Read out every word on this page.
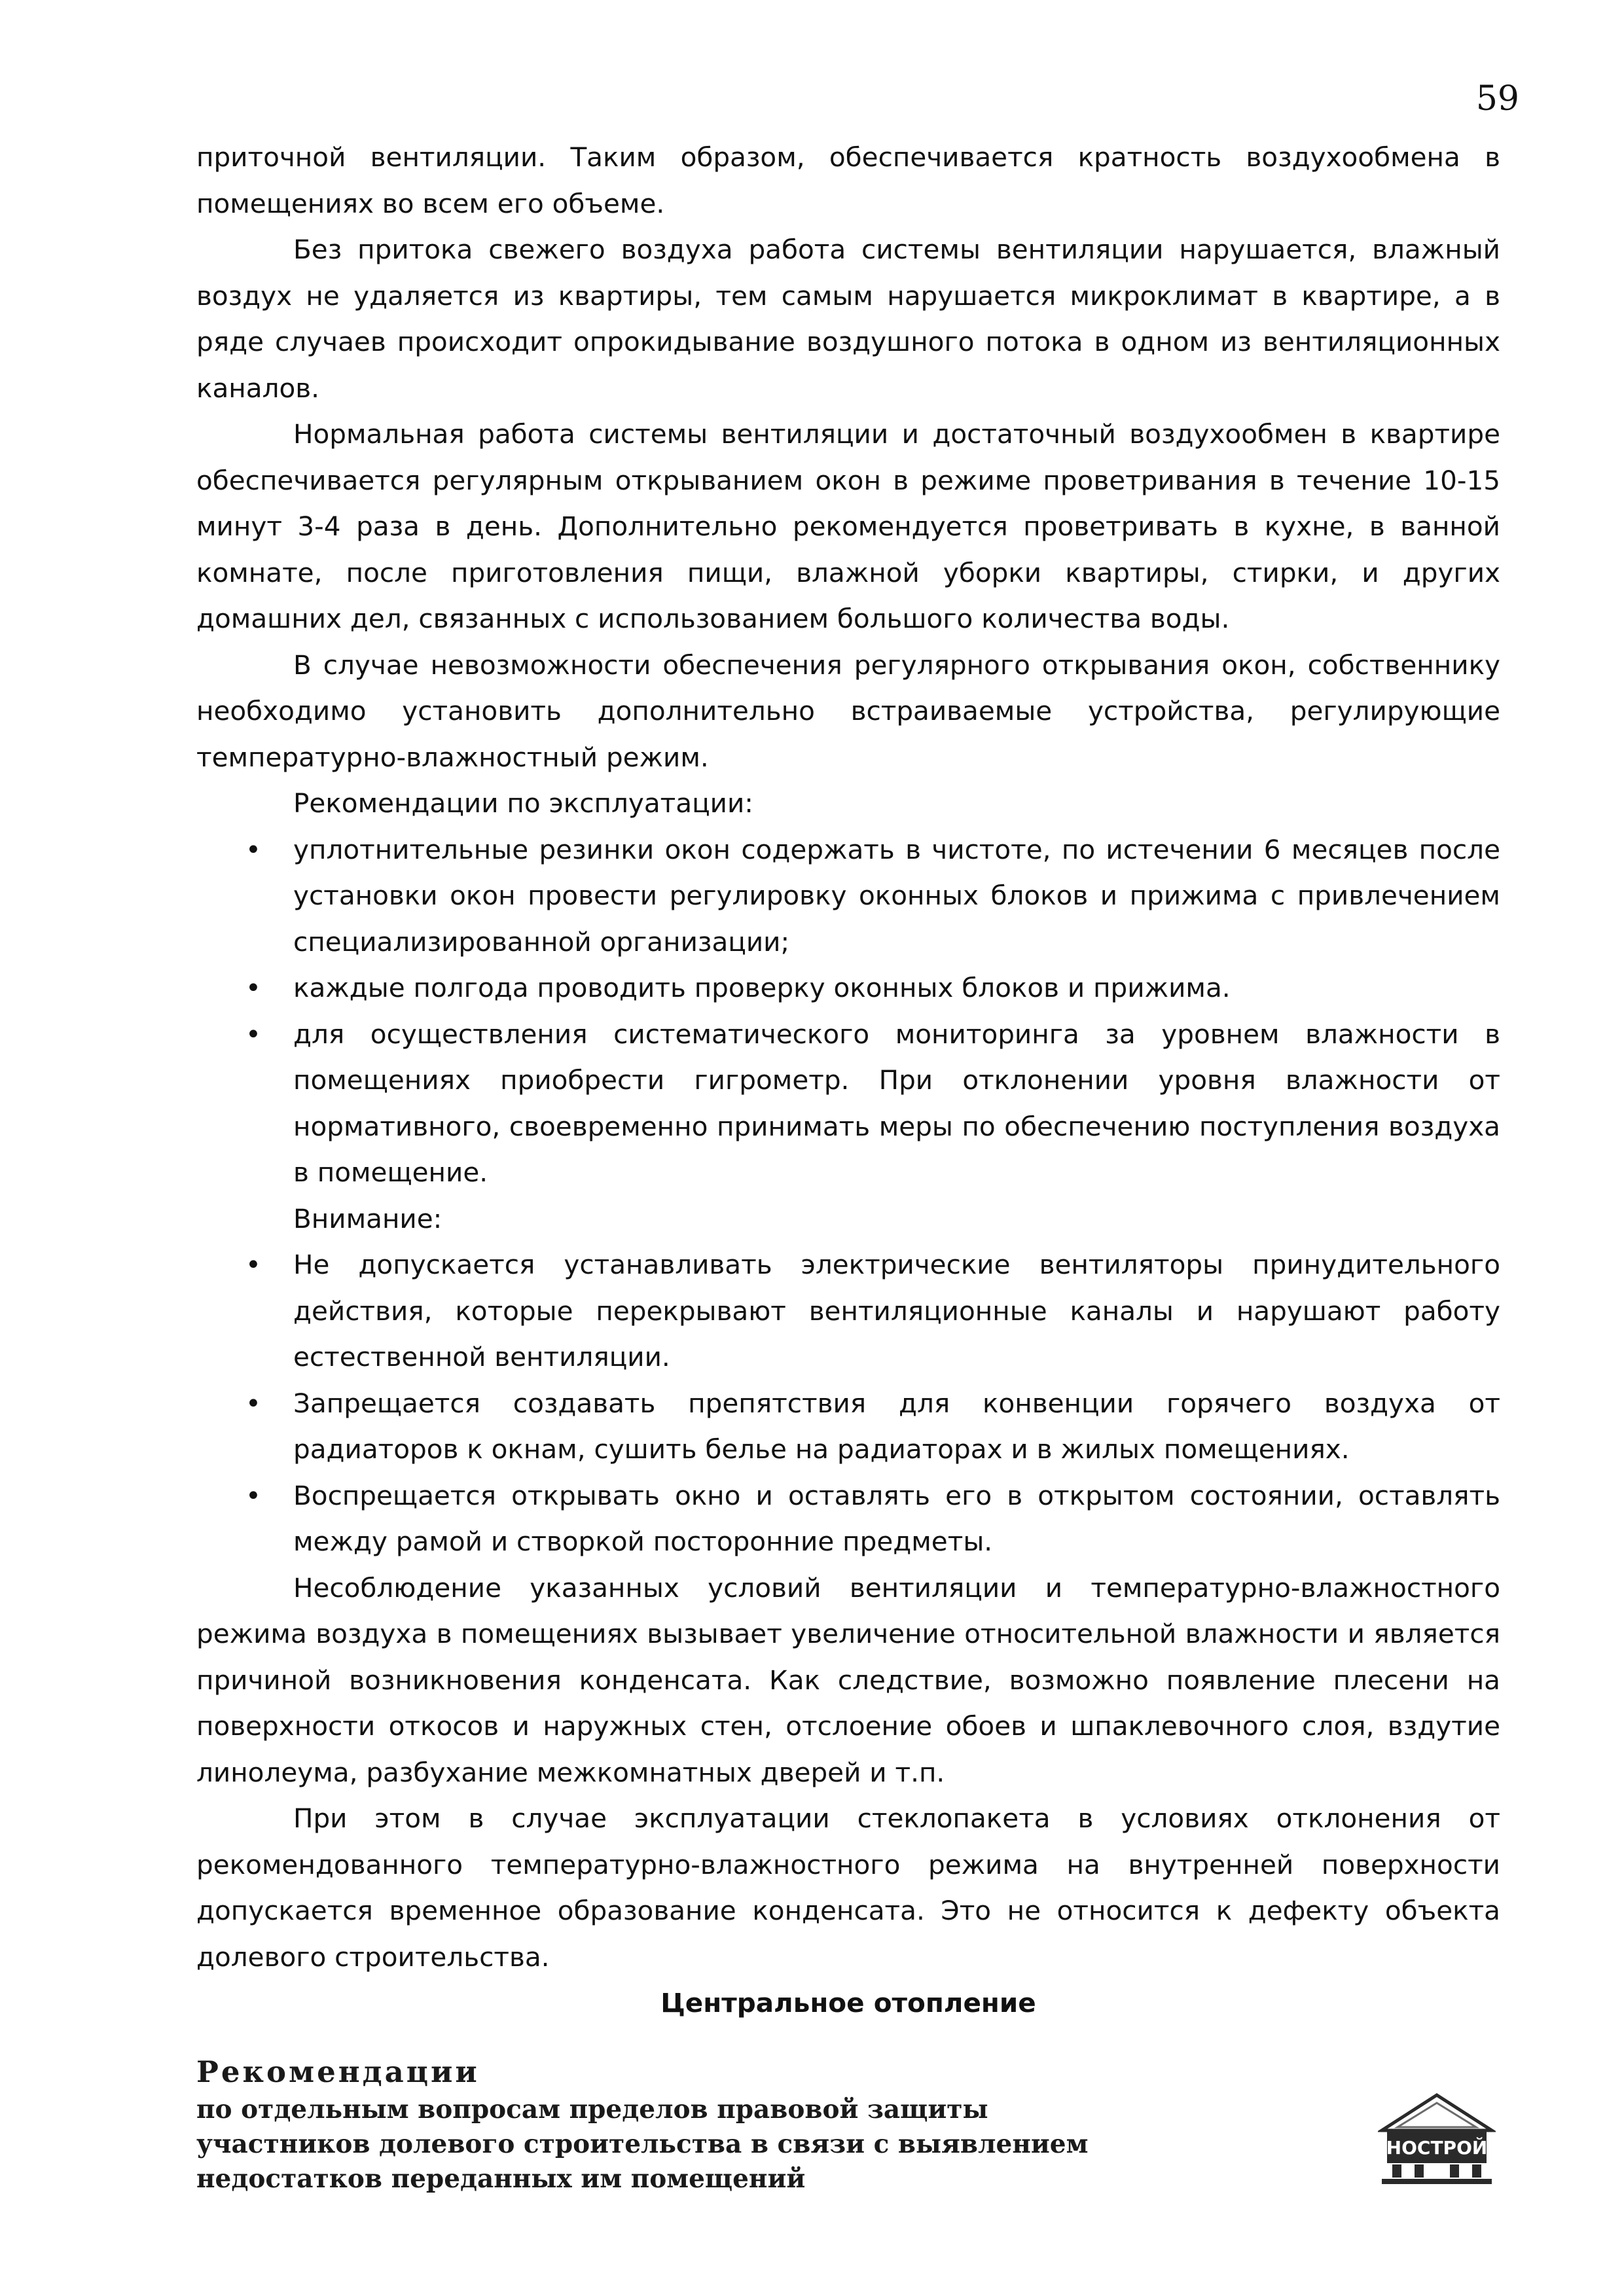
59

приточной вентиляции. Таким образом, обеспечивается кратность воздухообмена в помещениях во всем его объеме.

Без притока свежего воздуха работа системы вентиляции нарушается, влажный воздух не удаляется из квартиры, тем самым нарушается микроклимат в квартире, а в ряде случаев происходит опрокидывание воздушного потока в одном из вентиляционных каналов.

Нормальная работа системы вентиляции и достаточный воздухообмен в квартире обеспечивается регулярным открыванием окон в режиме проветривания в течение 10-15 минут 3-4 раза в день. Дополнительно рекомендуется проветривать в кухне, в ванной комнате, после приготовления пищи, влажной уборки квартиры, стирки, и других домашних дел, связанных с использованием большого количества воды.

В случае невозможности обеспечения регулярного открывания окон, собственнику необходимо установить дополнительно встраиваемые устройства, регулирующие температурно-влажностный режим.

Рекомендации по эксплуатации:

• уплотнительные резинки окон содержать в чистоте, по истечении 6 месяцев после установки окон провести регулировку оконных блоков и прижима с привлечением специализированной организации;
• каждые полгода проводить проверку оконных блоков и прижима.
• для осуществления систематического мониторинга за уровнем влажности в помещениях приобрести гигрометр. При отклонении уровня влажности от нормативного, своевременно принимать меры по обеспечению поступления воздуха в помещение.

Внимание:

• Не допускается устанавливать электрические вентиляторы принудительного действия, которые перекрывают вентиляционные каналы и нарушают работу естественной вентиляции.
• Запрещается создавать препятствия для конвенции горячего воздуха от радиаторов к окнам, сушить белье на радиаторах и в жилых помещениях.
• Воспрещается открывать окно и оставлять его в открытом состоянии, оставлять между рамой и створкой посторонние предметы.

Несоблюдение указанных условий вентиляции и температурно-влажностного режима воздуха в помещениях вызывает увеличение относительной влажности и является причиной возникновения конденсата. Как следствие, возможно появление плесени на поверхности откосов и наружных стен, отслоение обоев и шпаклевочного слоя, вздутие линолеума, разбухание межкомнатных дверей и т.п.

При этом в случае эксплуатации стеклопакета в условиях отклонения от рекомендованного температурно-влажностного режима на внутренней поверхности допускается временное образование конденсата. Это не относится к дефекту объекта долевого строительства.

Центральное отопление

Рекомендации
по отдельным вопросам пределов правовой защиты
участников долевого строительства в связи с выявлением
недостатков переданных им помещений
НОСТРОЙ
